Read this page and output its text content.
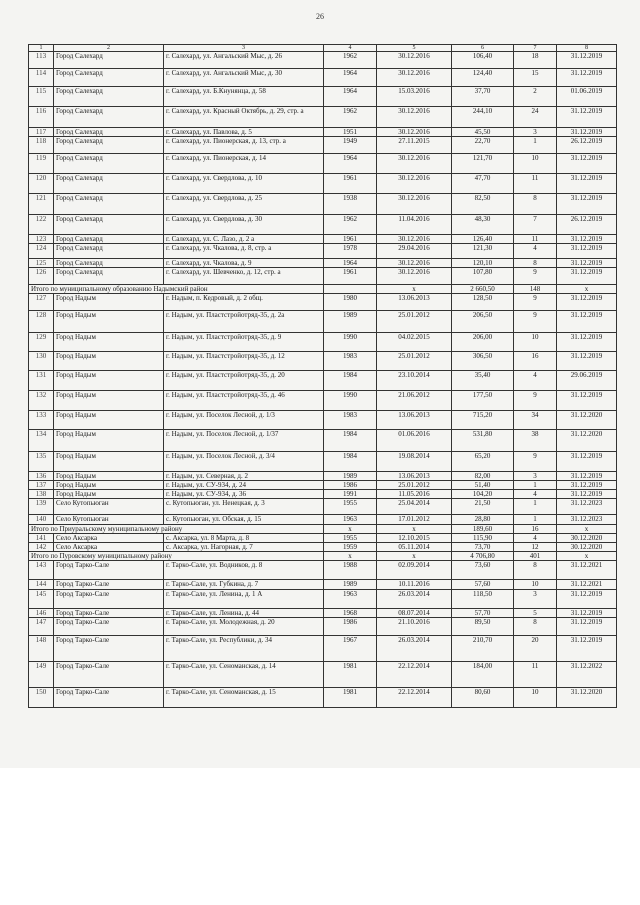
26
1	2	3	4	5	6	7	8
113	Город Салехард	г. Салехард, ул. Ангальский Мыс, д. 26	1962	30.12.2016	106,40	18	31.12.2019
114	Город Салехард	г. Салехард, ул. Ангальский Мыс, д. 30	1964	30.12.2016	124,40	15	31.12.2019
115	Город Салехард	г. Салехард, ул. Б.Кнунянца, д. 58	1964	15.03.2016	37,70	2	01.06.2019
116	Город Салехард	г. Салехард, ул. Красный Октябрь, д. 29, стр. а	1962	30.12.2016	244,10	24	31.12.2019
117	Город Салехард	г. Салехард, ул. Павлова, д. 5	1951	30.12.2016	45,50	3	31.12.2019
118	Город Салехард	г. Салехард, ул. Пионерская, д. 13, стр. а	1949	27.11.2015	22,70	1	26.12.2019
119	Город Салехард	г. Салехард, ул. Пионерская, д. 14	1964	30.12.2016	121,70	10	31.12.2019
120	Город Салехард	г. Салехард, ул. Свердлова, д. 10	1961	30.12.2016	47,70	11	31.12.2019
121	Город Салехард	г. Салехард, ул. Свердлова, д. 25	1938	30.12.2016	82,50	8	31.12.2019
122	Город Салехард	г. Салехард, ул. Свердлова, д. 30	1962	11.04.2016	48,30	7	26.12.2019
123	Город Салехард	г. Салехард, ул. С. Лазо, д. 2 а	1961	30.12.2016	126,40	11	31.12.2019
124	Город Салехард	г. Салехард, ул. Чкалова, д. 8, стр. а	1978	29.04.2016	121,30	4	31.12.2019
125	Город Салехард	г. Салехард, ул. Чкалова, д. 9	1964	30.12.2016	120,10	8	31.12.2019
126	Город Салехард	г. Салехард, ул. Шевченко, д. 12, стр. а	1961	30.12.2016	107,80	9	31.12.2019
Итого по муниципальному образованию Надымский район				x	2 660,50	148	x
127	Город Надым	г. Надым, п. Кедровый, д. 2 общ.	1980	13.06.2013	128,50	9	31.12.2019
128	Город Надым	г. Надым, ул. Пластстройотряд-35, д. 2а	1989	25.01.2012	206,50	9	31.12.2019
129	Город Надым	г. Надым, ул. Пластстройотряд-35, д. 9	1990	04.02.2015	206,00	10	31.12.2019
130	Город Надым	г. Надым, ул. Пластстройотряд-35, д. 12	1983	25.01.2012	306,50	16	31.12.2019
131	Город Надым	г. Надым, ул. Пластстройотряд-35, д. 20	1984	23.10.2014	35,40	4	29.06.2019
132	Город Надым	г. Надым, ул. Пластстройотряд-35, д. 46	1990	21.06.2012	177,50	9	31.12.2019
133	Город Надым	г. Надым, ул. Поселок Лесной, д. 1/3	1983	13.06.2013	715,20	34	31.12.2020
134	Город Надым	г. Надым, ул. Поселок Лесной, д. 1/37	1984	01.06.2016	531,80	38	31.12.2020
135	Город Надым	г. Надым, ул. Поселок Лесной, д. 3/4	1984	19.08.2014	65,20	9	31.12.2019
136	Город Надым	г. Надым, ул. Северная, д. 2	1989	13.06.2013	82,00	3	31.12.2019
137	Город Надым	г. Надым, ул. СУ-934, д. 24	1986	25.01.2012	51,40	1	31.12.2019
138	Город Надым	г. Надым, ул. СУ-934, д. 36	1991	11.05.2016	104,20	4	31.12.2019
139	Село Кутопьюган	с. Кутопьюган, ул. Ненецкая, д. 3	1955	25.04.2014	21,50	1	31.12.2023
140	Село Кутопьюган	с. Кутопьюган, ул. Обская, д. 15	1963	17.01.2012	28,80	1	31.12.2023
Итого по Приуральскому муниципальному району			x	x	189,60	16	x
141	Село Аксарка	с. Аксарка, ул. 8 Марта, д. 8	1955	12.10.2015	115,90	4	30.12.2020
142	Село Аксарка	с. Аксарка, ул. Нагорная, д. 7	1959	05.11.2014	73,70	12	30.12.2020
Итого по Пуровскому муниципальному району			x	x	4 706,80	401	x
143	Город Тарко-Сале	г. Тарко-Сале, ул. Водников, д. 8	1988	02.09.2014	73,60	8	31.12.2021
144	Город Тарко-Сале	г. Тарко-Сале, ул. Губкина, д. 7	1989	10.11.2016	57,60	10	31.12.2021
145	Город Тарко-Сале	г. Тарко-Сале, ул. Ленина, д. 1 А	1963	26.03.2014	118,50	3	31.12.2019
146	Город Тарко-Сале	г. Тарко-Сале, ул. Ленина, д. 44	1968	08.07.2014	57,70	5	31.12.2019
147	Город Тарко-Сале	г. Тарко-Сале, ул. Молодежная, д. 20	1986	21.10.2016	89,50	8	31.12.2019
148	Город Тарко-Сале	г. Тарко-Сале, ул. Республики, д. 34	1967	26.03.2014	210,70	20	31.12.2019
149	Город Тарко-Сале	г. Тарко-Сале, ул. Сеноманская, д. 14	1981	22.12.2014	184,00	11	31.12.2022
150	Город Тарко-Сале	г. Тарко-Сале, ул. Сеноманская, д. 15	1981	22.12.2014	80,60	10	31.12.2020
